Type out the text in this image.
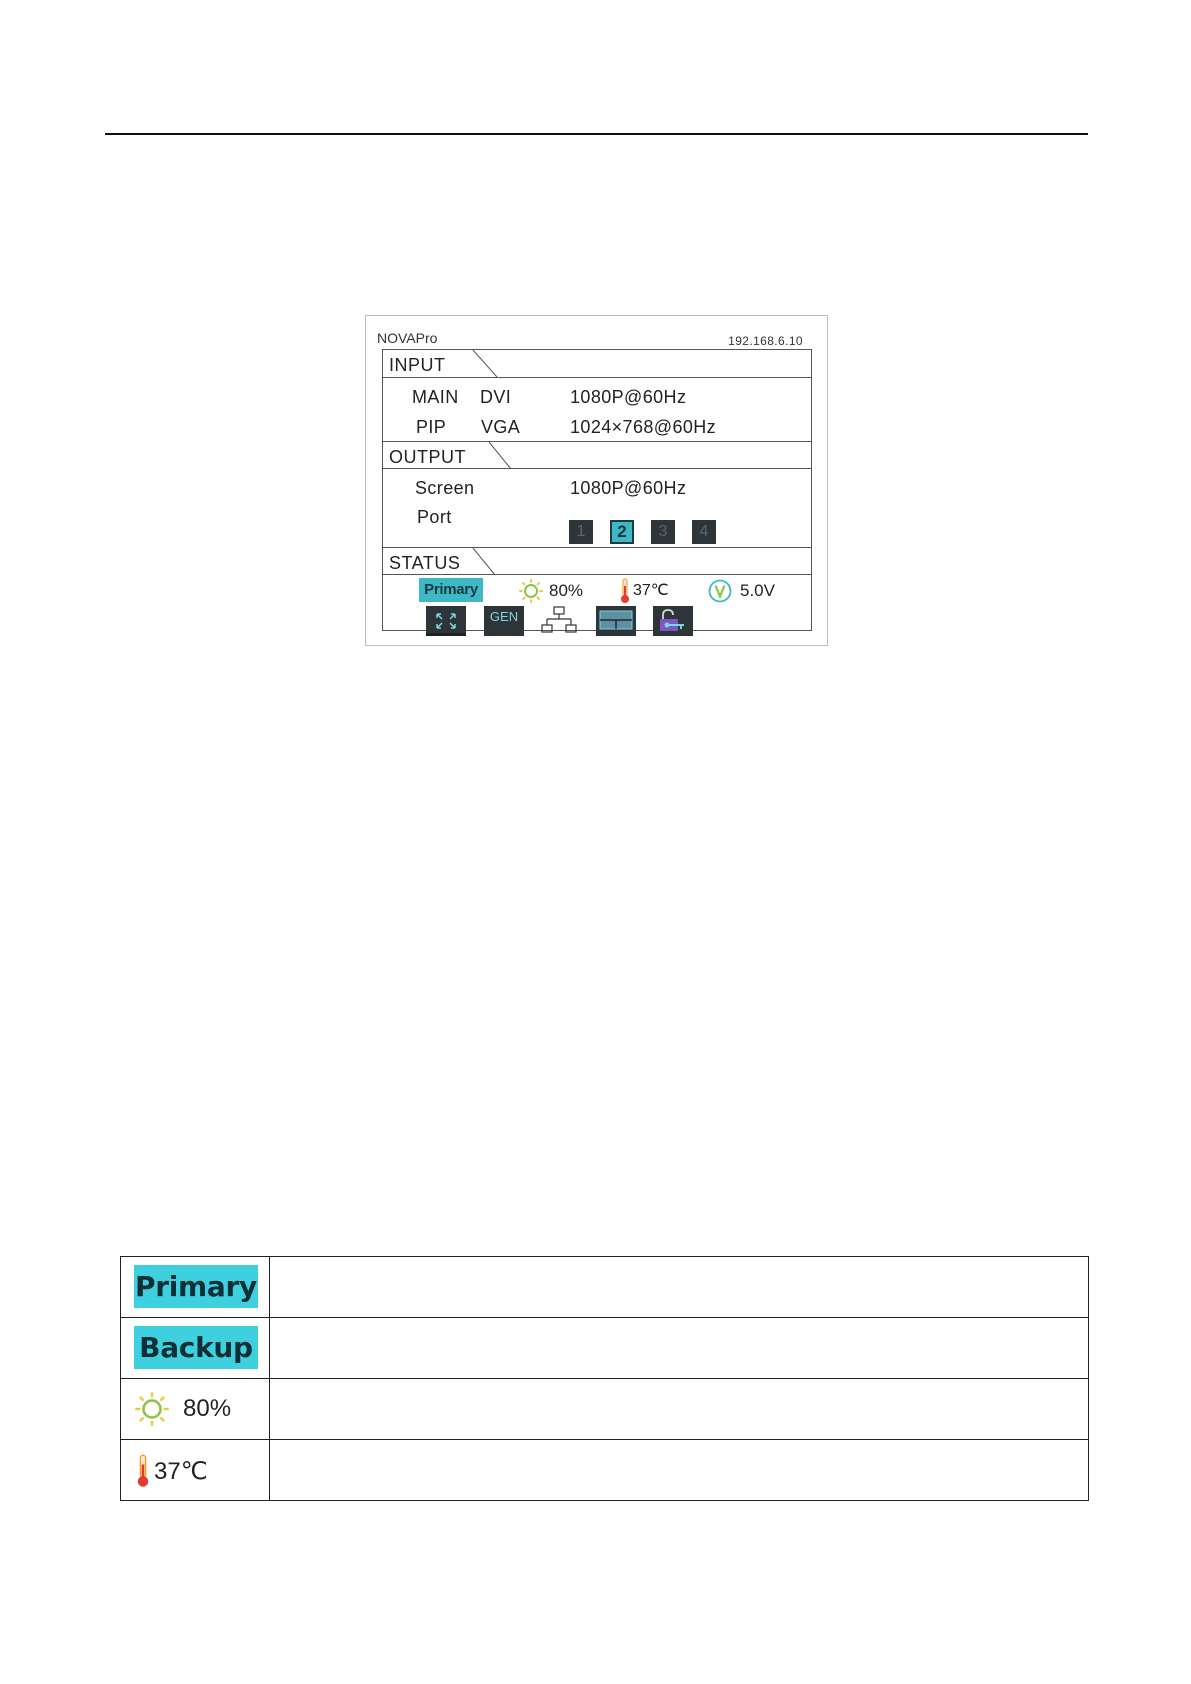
NOVAPro	192.168.6.10
INPUT
MAIN DVI	1080P@60Hz
PIP VGA	1024×768@60Hz
OUTPUT
Screen	1080P@60Hz
Port
1	2	3	4
STATUS
Primary	80%	37℃	5.0V
GEN
Primary	

Backup	

80%	

37℃	
